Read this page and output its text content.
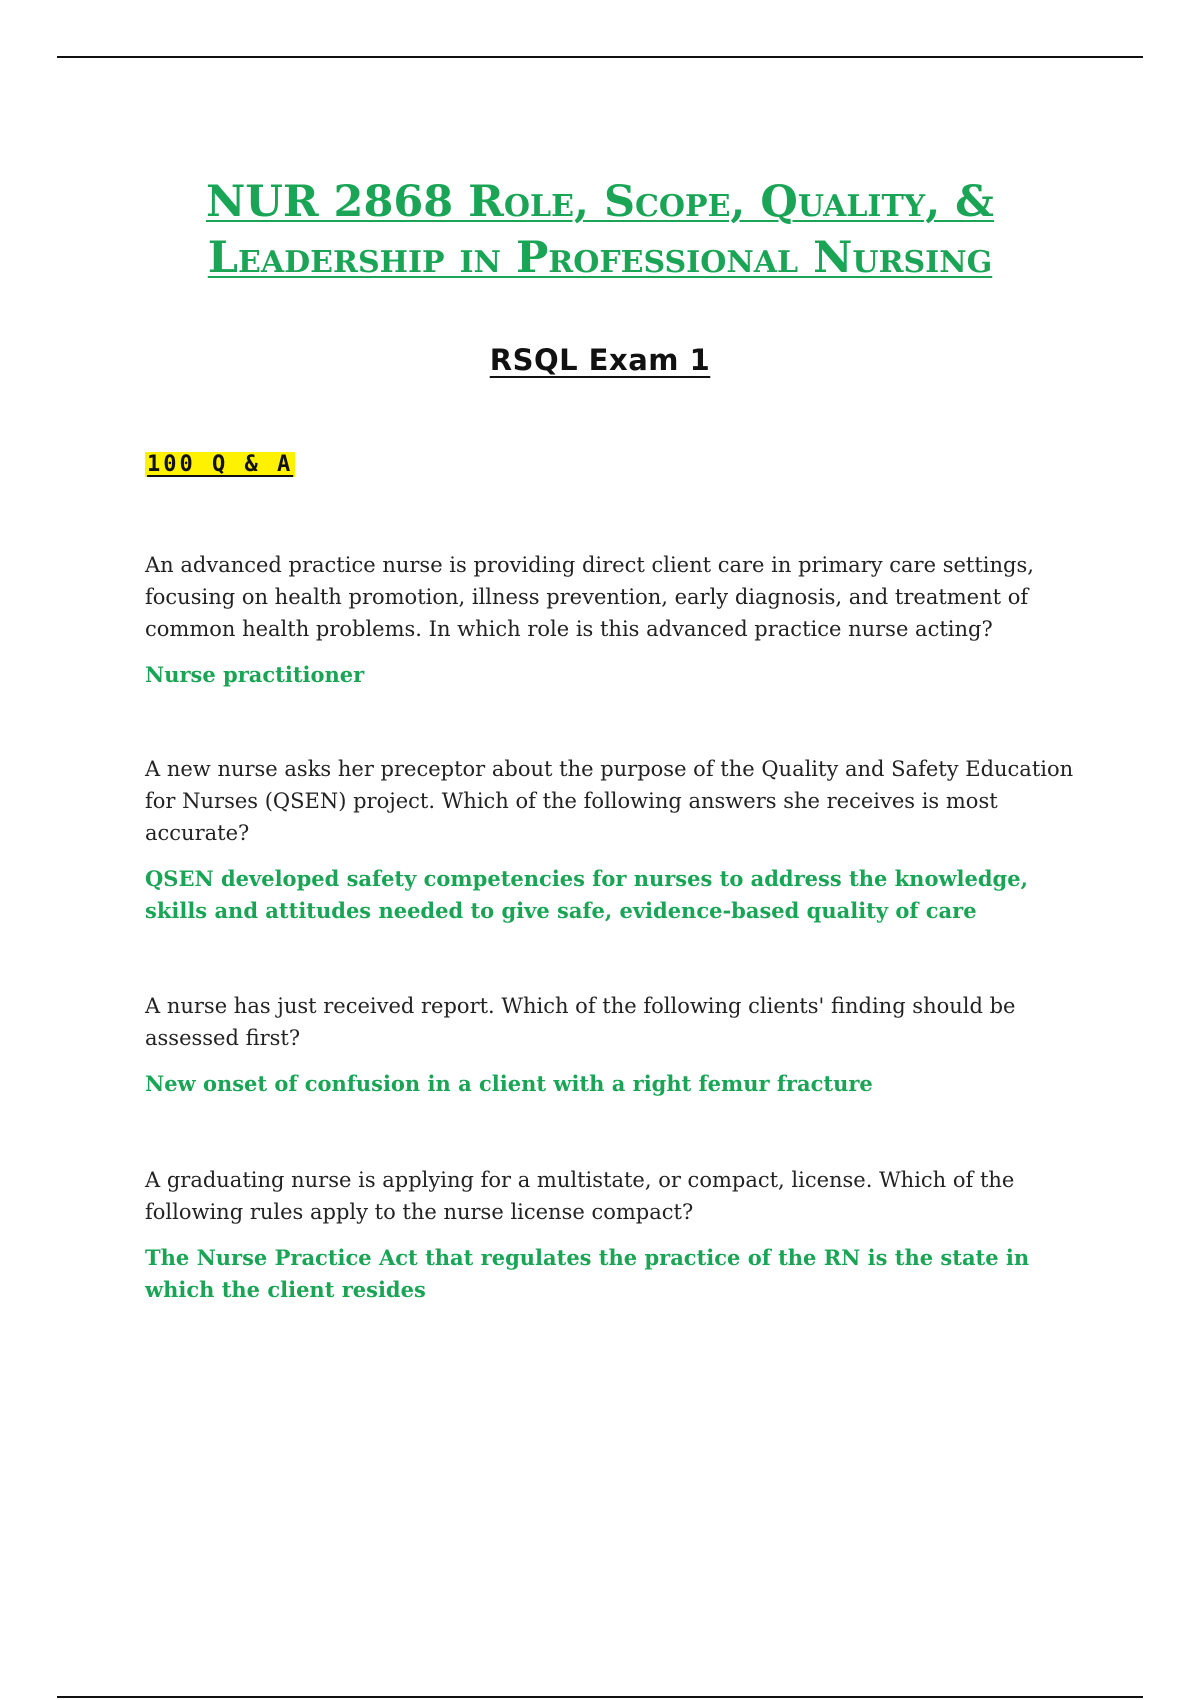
NUR 2868 Role, Scope, Quality, &
Leadership in Professional Nursing
RSQL Exam 1
100 Q & A

An advanced practice nurse is providing direct client care in primary care settings, focusing on health promotion, illness prevention, early diagnosis, and treatment of common health problems. In which role is this advanced practice nurse acting?

Nurse practitioner

A new nurse asks her preceptor about the purpose of the Quality and Safety Education for Nurses (QSEN) project. Which of the following answers she receives is most accurate?

QSEN developed safety competencies for nurses to address the knowledge, skills and attitudes needed to give safe, evidence-based quality of care

A nurse has just received report. Which of the following clients' finding should be assessed first?

New onset of confusion in a client with a right femur fracture

A graduating nurse is applying for a multistate, or compact, license. Which of the following rules apply to the nurse license compact?

The Nurse Practice Act that regulates the practice of the RN is the state in which the client resides
